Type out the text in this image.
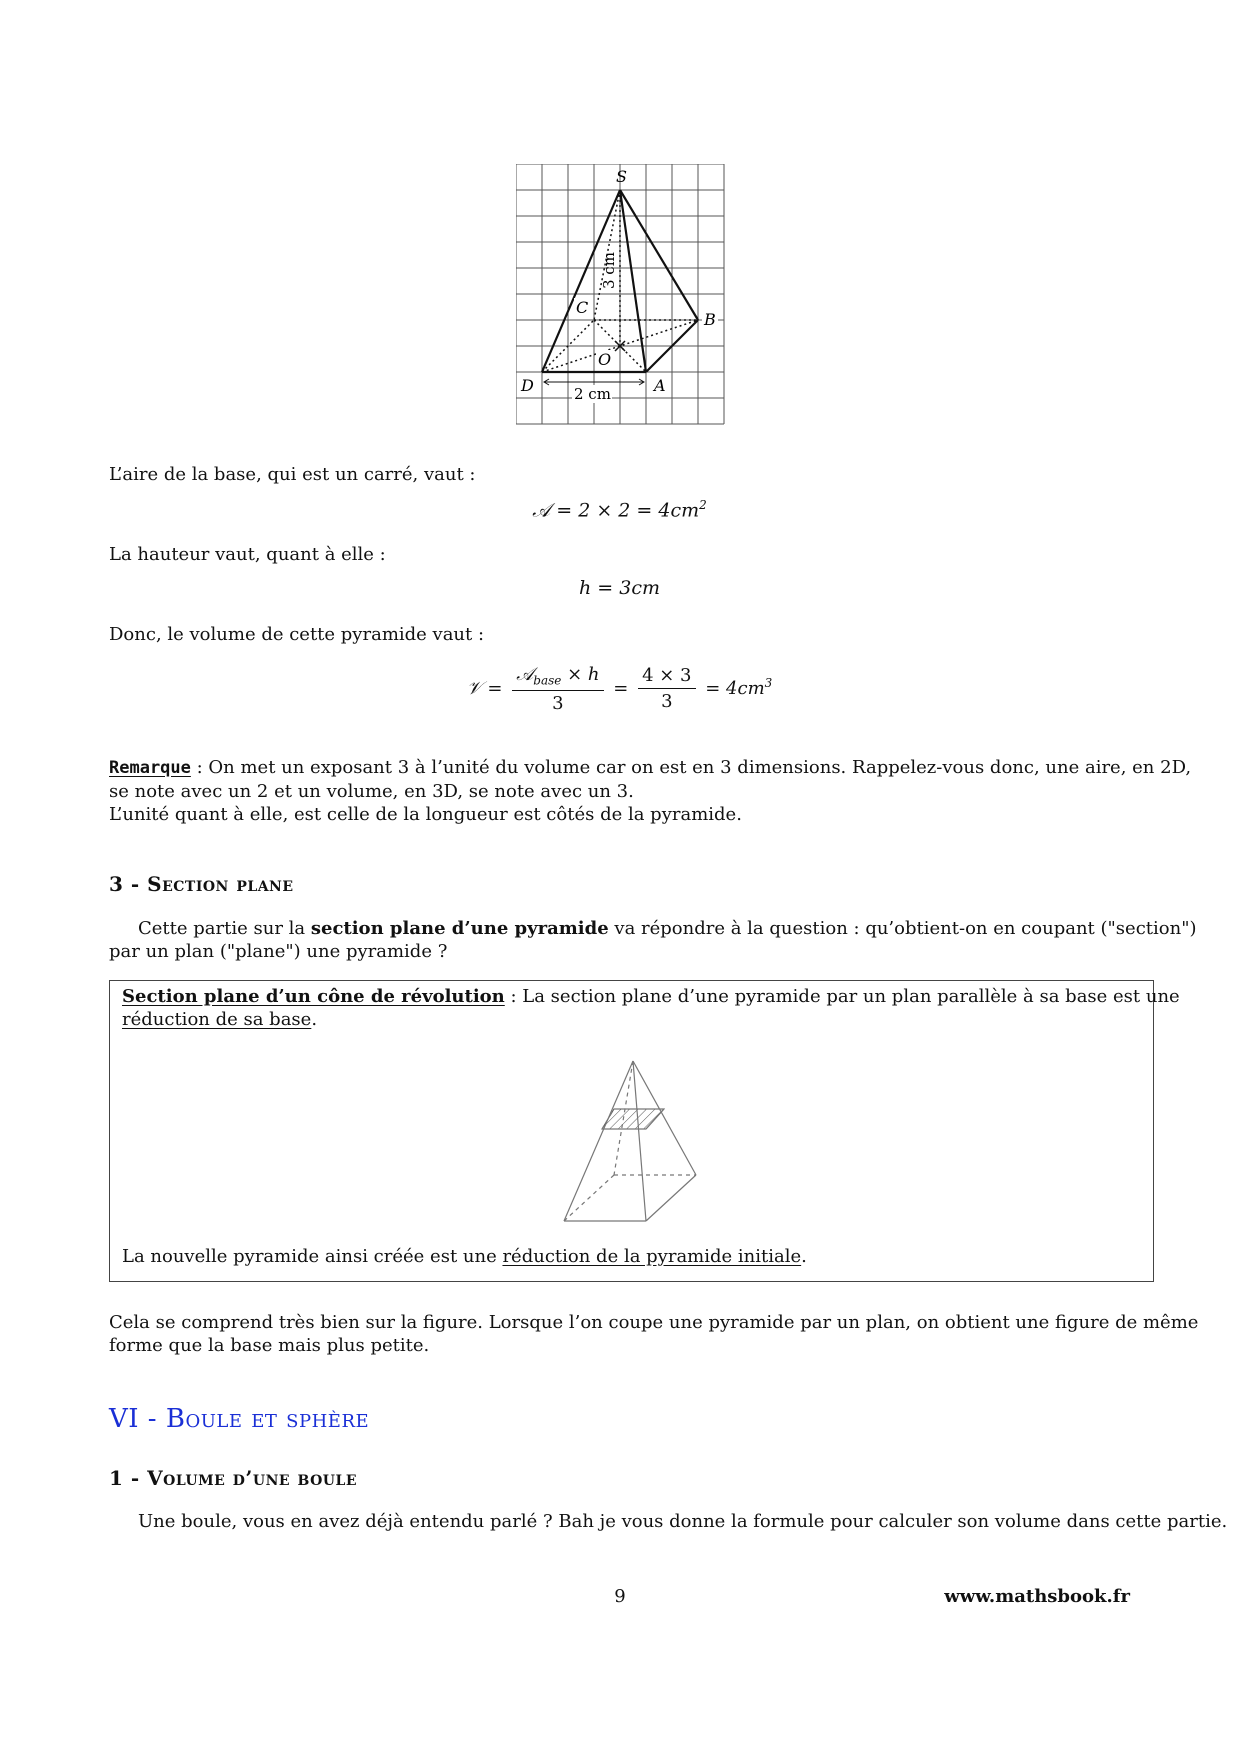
S
C
B
O
D	A
2 cm
3 cm
L’aire de la base, qui est un carré, vaut :
𝒜 = $2 \times 2 = 4cm^2$
La hauteur vaut, quant à elle :
h = 3cm
Donc, le volume de cette pyramide vaut :
𝒱 = $\frac{𝒜_{base} \times h}{3} = \frac{4 \times 3}{3} = 4cm^3$
Remarque : On met un exposant 3 à l’unité du volume car on est en 3 dimensions. Rappelez-vous donc, une aire, en 2D,
se note avec un 2 et un volume, en 3D, se note avec un 3.
L’unité quant à elle, est celle de la longueur est côtés de la pyramide.
3 - Section plane
Cette partie sur la section plane d’une pyramide va répondre à la question : qu’obtient-on en coupant ("section")
par un plan ("plane") une pyramide ?
Section plane d’un cône de révolution : La section plane d’une pyramide par un plan parallèle à sa base est une
réduction de sa base.
La nouvelle pyramide ainsi créée est une réduction de la pyramide initiale.
Cela se comprend très bien sur la figure. Lorsque l’on coupe une pyramide par un plan, on obtient une figure de même
forme que la base mais plus petite.
VI - Boule et sphère
1 - Volume d’une boule
Une boule, vous en avez déjà entendu parlé ? Bah je vous donne la formule pour calculer son volume dans cette partie.
9	www.mathsbook.fr
